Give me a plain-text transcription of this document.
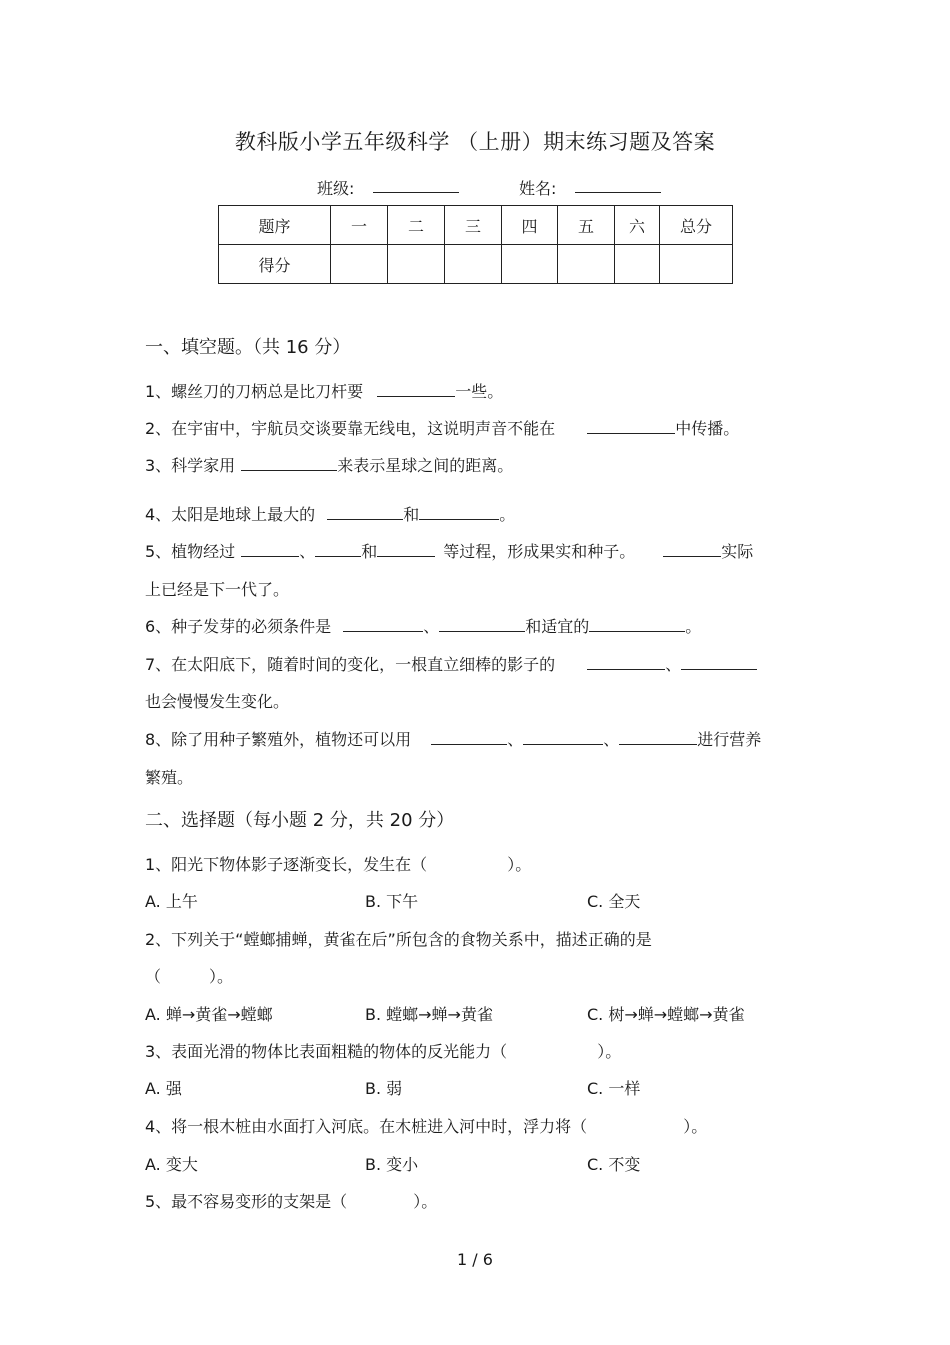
教科版小学五年级科学 （上册）期末练习题及答案
班级:	姓名:
题序	一	二	三	四	五	六	总分
得分							
一、填空题。（共 16 分）
1、螺丝刀的刀柄总是比刀杆要	一些。
2、在宇宙中，宇航员交谈要靠无线电，这说明声音不能在	中传播。
3、科学家用	来表示星球之间的距离。
4、太阳是地球上最大的	和	。
5、植物经过	、	和	等过程，形成果实和种子。	实际
上已经是下一代了。
6、种子发芽的必须条件是	、	和适宜的	。
7、在太阳底下，随着时间的变化，一根直立细棒的影子的	、
也会慢慢发生变化。
8、除了用种子繁殖外，植物还可以用	、	、	进行营养
繁殖。
二、选择题（每小题 2 分，共 20 分）
1、阳光下物体影子逐渐变长，发生在（	）。
A. 上午	B. 下午	C. 全天
2、下列关于“螳螂捕蝉，黄雀在后”所包含的食物关系中，描述正确的是
（　　　）。
A. 蝉→黄雀→螳螂	B. 螳螂→蝉→黄雀	C. 树→蝉→螳螂→黄雀
3、表面光滑的物体比表面粗糙的物体的反光能力（	）。
A. 强	B. 弱	C. 一样
4、将一根木桩由水面打入河底。在木桩进入河中时，浮力将（	）。
A. 变大	B. 变小	C. 不变
5、最不容易变形的支架是（	）。
1 / 6
